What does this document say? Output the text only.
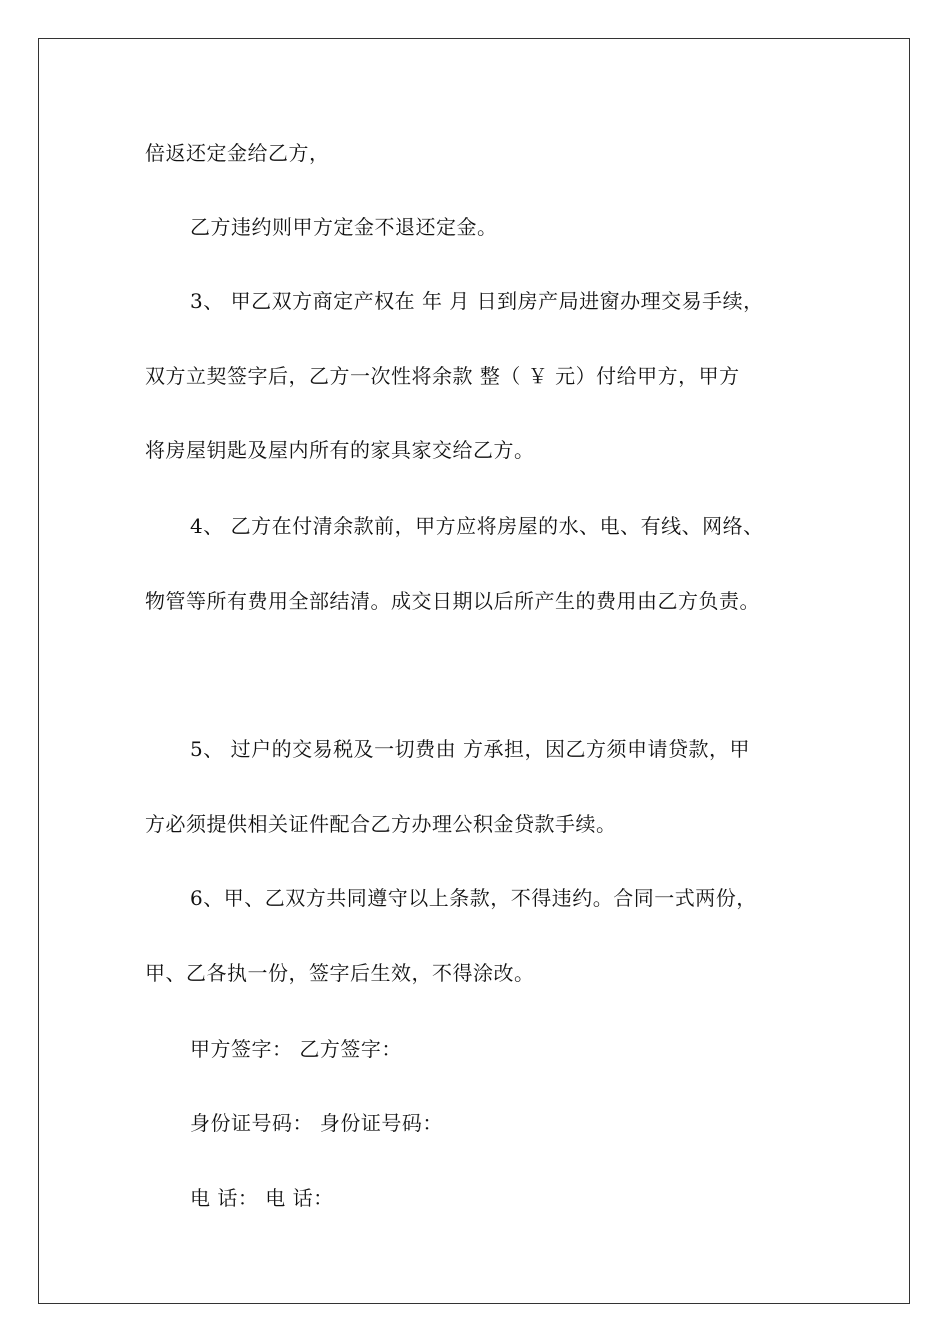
倍返还定金给乙方，
乙方违约则甲方定金不退还定金。
3、 甲乙双方商定产权在 年 月 日到房产局进窗办理交易手续，
双方立契签字后，乙方一次性将余款 整（ ￥ 元）付给甲方，甲方
将房屋钥匙及屋内所有的家具家交给乙方。
4、 乙方在付清余款前，甲方应将房屋的水、电、有线、网络、
物管等所有费用全部结清。成交日期以后所产生的费用由乙方负责。
5、 过户的交易税及一切费由 方承担，因乙方须申请贷款，甲
方必须提供相关证件配合乙方办理公积金贷款手续。
6、甲、乙双方共同遵守以上条款，不得违约。合同一式两份，
甲、乙各执一份，签字后生效，不得涂改。
甲方签字： 乙方签字：
身份证号码： 身份证号码：
电 话： 电 话：
